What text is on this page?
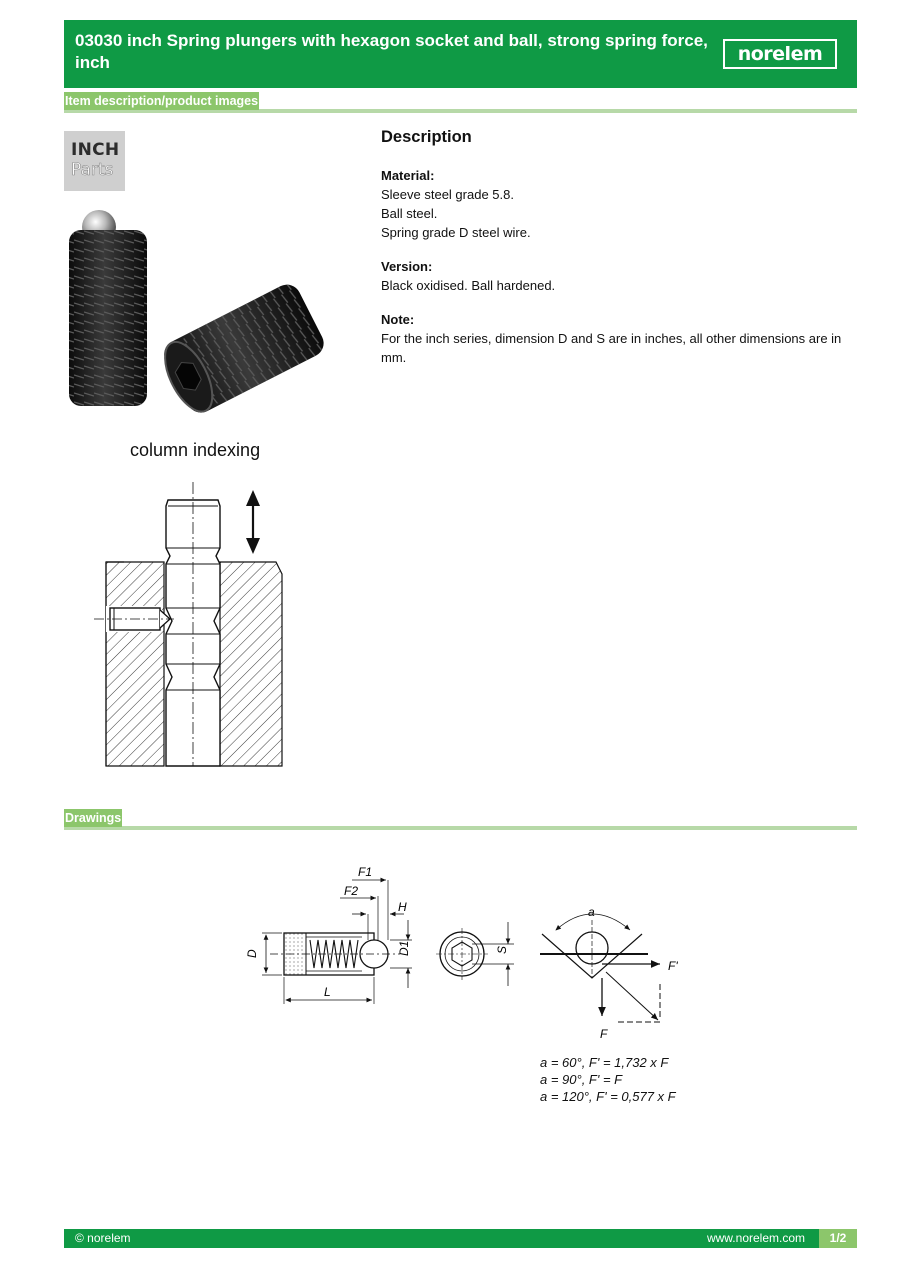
03030 inch Spring plungers with hexagon socket and ball, strong spring force, inch	norelem
Item description/product images
INCH
Parts
column indexing
Description
Material:
Sleeve steel grade 5.8.
Ball steel.
Spring grade D steel wire.
Version:
Black oxidised. Ball hardened.
Note:
For the inch series, dimension D and S are in inches, all other dimensions are in mm.
Drawings
D	D1
L
F1
F2
H
S
a
F'
F
a = 60°, F' = 1,732 x F
a = 90°, F' = F
a = 120°, F' = 0,577 x F
© norelem	www.norelem.com	1/2
